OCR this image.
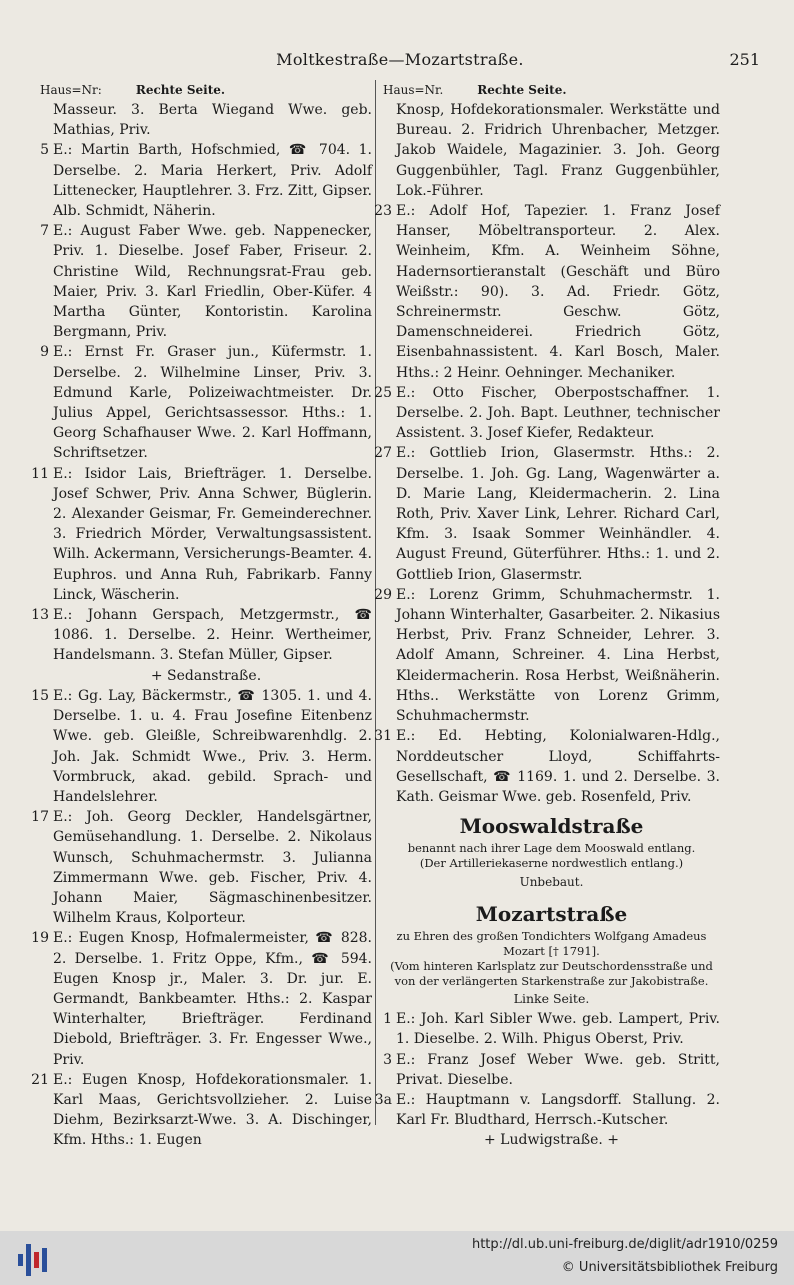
Moltkestraße—Mozartstraße.	251
Haus=Nr:	Rechte Seite.
Masseur. 3. Berta Wiegand Wwe. geb. Mathias, Priv.
5 E.: Martin Barth, Hofschmied, ☎ 704. 1. Derselbe. 2. Maria Herkert, Priv. Adolf Littenecker, Hauptlehrer. 3. Frz. Zitt, Gipser. Alb. Schmidt, Näherin.
7 E.: August Faber Wwe. geb. Nappenecker, Priv. 1. Dieselbe. Josef Faber, Friseur. 2. Christine Wild, Rechnungsrat-Frau geb. Maier, Priv. 3. Karl Friedlin, Ober-Küfer. 4 Martha Günter, Kontoristin. Karolina Bergmann, Priv.
9 E.: Ernst Fr. Graser jun., Küfermstr. 1. Derselbe. 2. Wilhelmine Linser, Priv. 3. Edmund Karle, Polizeiwachtmeister. Dr. Julius Appel, Gerichtsassessor. Hths.: 1. Georg Schafhauser Wwe. 2. Karl Hoffmann, Schriftsetzer.
11 E.: Isidor Lais, Briefträger. 1. Derselbe. Josef Schwer, Priv. Anna Schwer, Büglerin. 2. Alexander Geismar, Fr. Gemeinderechner. 3. Friedrich Mörder, Verwaltungsassistent. Wilh. Ackermann, Versicherungs-Beamter. 4. Euphros. und Anna Ruh, Fabrikarb. Fanny Linck, Wäscherin.
13 E.: Johann Gerspach, Metzgermstr., ☎ 1086. 1. Derselbe. 2. Heinr. Wertheimer, Handelsmann. 3. Stefan Müller, Gipser.
+ Sedanstraße.
15 E.: Gg. Lay, Bäckermstr., ☎ 1305. 1. und 4. Derselbe. 1. u. 4. Frau Josefine Eitenbenz Wwe. geb. Gleißle, Schreibwarenhdlg. 2. Joh. Jak. Schmidt Wwe., Priv. 3. Herm. Vormbruck, akad. gebild. Sprach- und Handelslehrer.
17 E.: Joh. Georg Deckler, Handelsgärtner, Gemüsehandlung. 1. Derselbe. 2. Nikolaus Wunsch, Schuhmachermstr. 3. Julianna Zimmermann Wwe. geb. Fischer, Priv. 4. Johann Maier, Sägmaschinenbesitzer. Wilhelm Kraus, Kolporteur.
19 E.: Eugen Knosp, Hofmalermeister, ☎ 828. 2. Derselbe. 1. Fritz Oppe, Kfm., ☎ 594. Eugen Knosp jr., Maler. 3. Dr. jur. E. Germandt, Bankbeamter. Hths.: 2. Kaspar Winterhalter, Briefträger. Ferdinand Diebold, Briefträger. 3. Fr. Engesser Wwe., Priv.
21 E.: Eugen Knosp, Hofdekorationsmaler. 1. Karl Maas, Gerichtsvollzieher. 2. Luise Diehm, Bezirksarzt-Wwe. 3. A. Dischinger, Kfm. Hths.: 1. Eugen
Haus=Nr.	Rechte Seite.
Knosp, Hofdekorationsmaler. Werkstätte und Bureau. 2. Fridrich Uhrenbacher, Metzger. Jakob Waidele, Magazinier. 3. Joh. Georg Guggenbühler, Tagl. Franz Guggenbühler, Lok.-Führer.
23 E.: Adolf Hof, Tapezier. 1. Franz Josef Hanser, Möbeltransporteur. 2. Alex. Weinheim, Kfm. A. Weinheim Söhne, Hadernsortieranstalt (Geschäft und Büro Weißstr.: 90). 3. Ad. Friedr. Götz, Schreinermstr. Geschw. Götz, Damenschneiderei. Friedrich Götz, Eisenbahnassistent. 4. Karl Bosch, Maler. Hths.: 2 Heinr. Oehninger. Mechaniker.
25 E.: Otto Fischer, Oberpostschaffner. 1. Derselbe. 2. Joh. Bapt. Leuthner, technischer Assistent. 3. Josef Kiefer, Redakteur.
27 E.: Gottlieb Irion, Glasermstr. Hths.: 2. Derselbe. 1. Joh. Gg. Lang, Wagenwärter a. D. Marie Lang, Kleidermacherin. 2. Lina Roth, Priv. Xaver Link, Lehrer. Richard Carl, Kfm. 3. Isaak Sommer Weinhändler. 4. August Freund, Güterführer. Hths.: 1. und 2. Gottlieb Irion, Glasermstr.
29 E.: Lorenz Grimm, Schuhmachermstr. 1. Johann Winterhalter, Gasarbeiter. 2. Nikasius Herbst, Priv. Franz Schneider, Lehrer. 3. Adolf Amann, Schreiner. 4. Lina Herbst, Kleidermacherin. Rosa Herbst, Weißnäherin. Hths.. Werkstätte von Lorenz Grimm, Schuhmachermstr.
31 E.: Ed. Hebting, Kolonialwaren-Hdlg., Norddeutscher Lloyd, Schiffahrts-Gesellschaft, ☎ 1169. 1. und 2. Derselbe. 3. Kath. Geismar Wwe. geb. Rosenfeld, Priv.
Mooswaldstraße
benannt nach ihrer Lage dem Mooswald entlang.
(Der Artilleriekaserne nordwestlich entlang.)
Unbebaut.
Mozartstraße
zu Ehren des großen Tondichters Wolfgang Amadeus Mozart [† 1791].
(Vom hinteren Karlsplatz zur Deutschordensstraße und von der verlängerten Starkenstraße zur Jakobistraße.
Linke Seite.
1 E.: Joh. Karl Sibler Wwe. geb. Lampert, Priv. 1. Dieselbe. 2. Wilh. Phigus Oberst, Priv.
3 E.: Franz Josef Weber Wwe. geb. Stritt, Privat. Dieselbe.
3a E.: Hauptmann v. Langsdorff. Stallung. 2. Karl Fr. Bludthard, Herrsch.-Kutscher.
+ Ludwigstraße. +
http://dl.ub.uni-freiburg.de/diglit/adr1910/0259
© Universitätsbibliothek Freiburg
